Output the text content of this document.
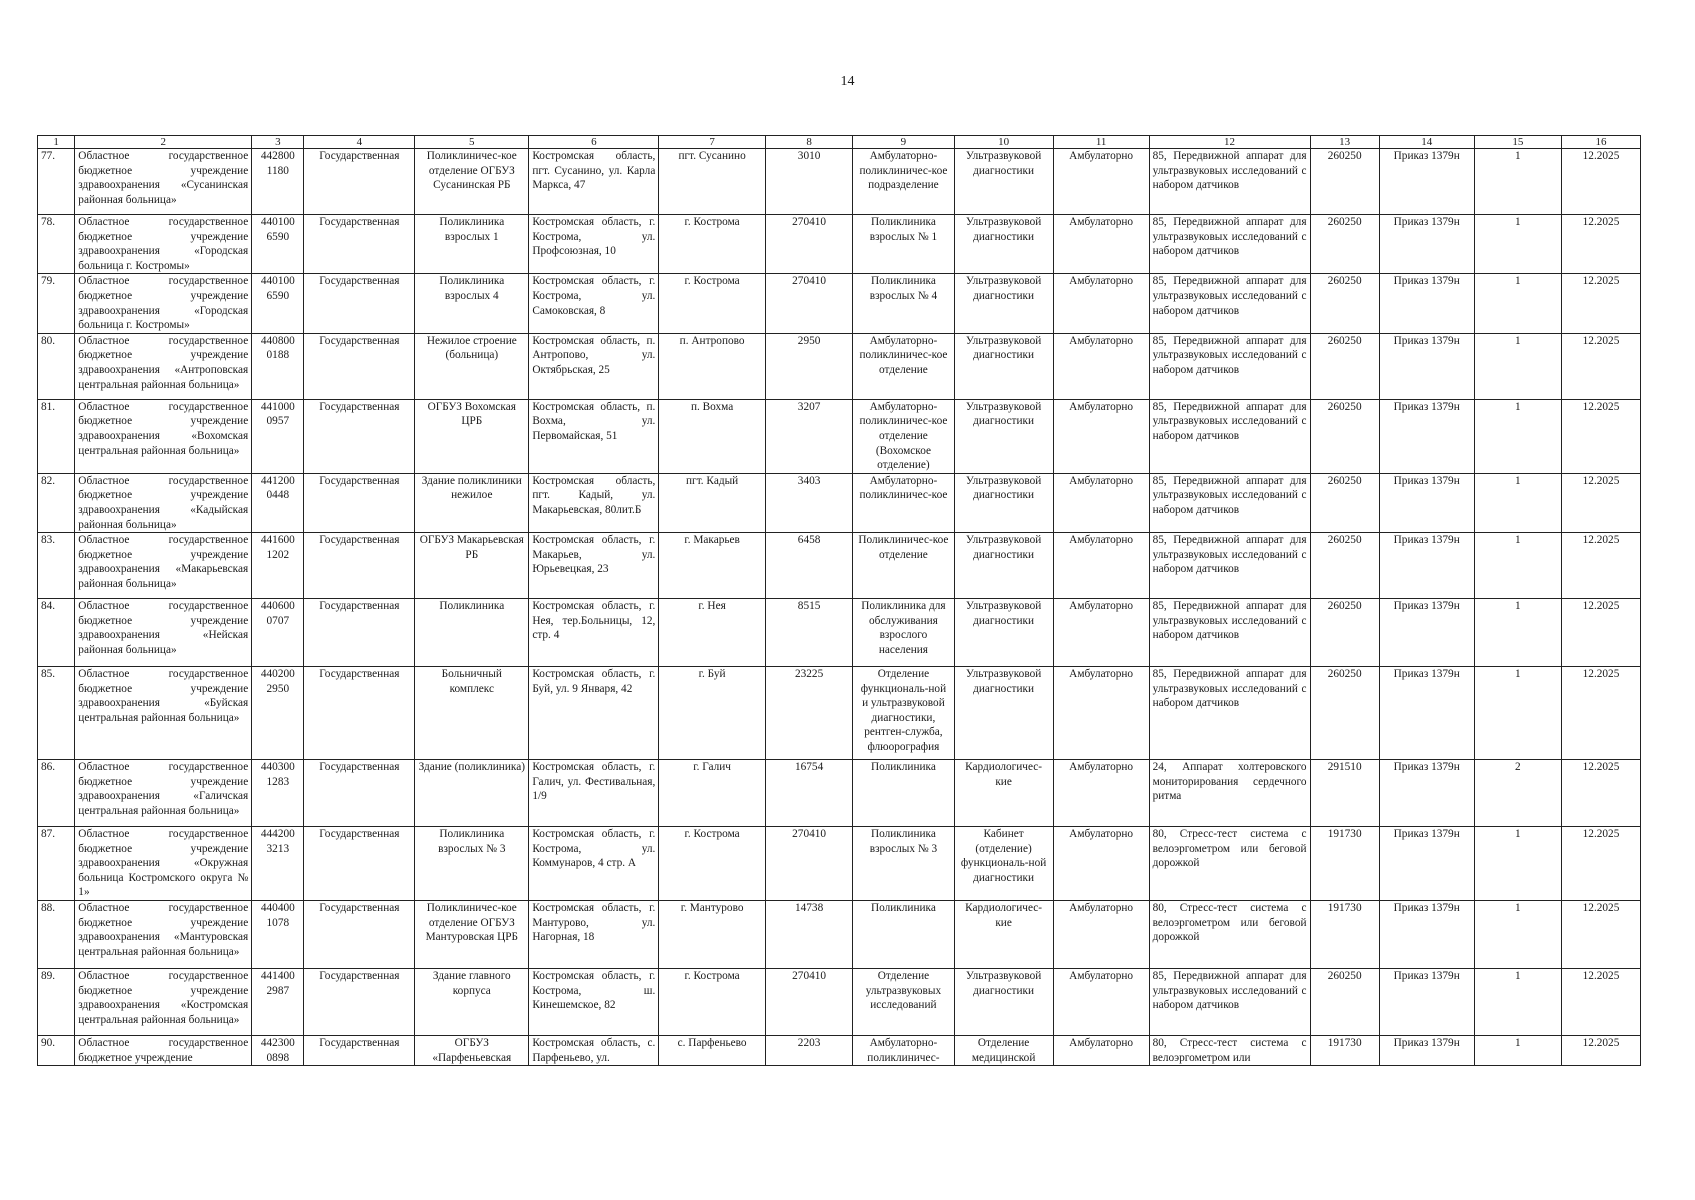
14
1	2	3	4	5	6	7	8	9	10	11	12	13	14	15	16
77.	Областное государственное бюджетное учреждение здравоохранения «Сусанинская районная больница»	442800 1180	Государственная	Поликлиничес-кое отделение ОГБУЗ Сусанинская РБ	Костромская область, пгт. Сусанино, ул. Карла Маркса, 47	пгт. Сусанино	3010	Амбулаторно-поликлиничес-кое подразделение	Ультразвуковой диагностики	Амбулаторно	85, Передвижной аппарат для ультразвуковых исследований с набором датчиков	260250	Приказ 1379н	1	12.2025
78.	Областное государственное бюджетное учреждение здравоохранения «Городская больница г. Костромы»	440100 6590	Государственная	Поликлиника взрослых 1	Костромская область, г. Кострома, ул. Профсоюзная, 10	г. Кострома	270410	Поликлиника взрослых № 1	Ультразвуковой диагностики	Амбулаторно	85, Передвижной аппарат для ультразвуковых исследований с набором датчиков	260250	Приказ 1379н	1	12.2025
79.	Областное государственное бюджетное учреждение здравоохранения «Городская больница г. Костромы»	440100 6590	Государственная	Поликлиника взрослых 4	Костромская область, г. Кострома, ул. Самоковская, 8	г. Кострома	270410	Поликлиника взрослых № 4	Ультразвуковой диагностики	Амбулаторно	85, Передвижной аппарат для ультразвуковых исследований с набором датчиков	260250	Приказ 1379н	1	12.2025
80.	Областное государственное бюджетное учреждение здравоохранения «Антроповская центральная районная больница»	440800 0188	Государственная	Нежилое строение (больница)	Костромская область, п. Антропово, ул. Октябрьская, 25	п. Антропово	2950	Амбулаторно-поликлиничес-кое отделение	Ультразвуковой диагностики	Амбулаторно	85, Передвижной аппарат для ультразвуковых исследований с набором датчиков	260250	Приказ 1379н	1	12.2025
81.	Областное государственное бюджетное учреждение здравоохранения «Вохомская центральная районная больница»	441000 0957	Государственная	ОГБУЗ Вохомская ЦРБ	Костромская область, п. Вохма, ул. Первомайская, 51	п. Вохма	3207	Амбулаторно-поликлиничес-кое отделение (Вохомское отделение)	Ультразвуковой диагностики	Амбулаторно	85, Передвижной аппарат для ультразвуковых исследований с набором датчиков	260250	Приказ 1379н	1	12.2025
82.	Областное государственное бюджетное учреждение здравоохранения «Кадыйская районная больница»	441200 0448	Государственная	Здание поликлиники нежилое	Костромская область, пгт. Кадый, ул. Макарьевская, 80лит.Б	пгт. Кадый	3403	Амбулаторно-поликлиничес-кое	Ультразвуковой диагностики	Амбулаторно	85, Передвижной аппарат для ультразвуковых исследований с набором датчиков	260250	Приказ 1379н	1	12.2025
83.	Областное государственное бюджетное учреждение здравоохранения «Макарьевская районная больница»	441600 1202	Государственная	ОГБУЗ Макарьевская РБ	Костромская область, г. Макарьев, ул. Юрьевецкая, 23	г. Макарьев	6458	Поликлиничес-кое отделение	Ультразвуковой диагностики	Амбулаторно	85, Передвижной аппарат для ультразвуковых исследований с набором датчиков	260250	Приказ 1379н	1	12.2025
84.	Областное государственное бюджетное учреждение здравоохранения «Нейская районная больница»	440600 0707	Государственная	Поликлиника	Костромская область, г. Нея, тер.Больницы, 12, стр. 4	г. Нея	8515	Поликлиника для обслуживания взрослого населения	Ультразвуковой диагностики	Амбулаторно	85, Передвижной аппарат для ультразвуковых исследований с набором датчиков	260250	Приказ 1379н	1	12.2025
85.	Областное государственное бюджетное учреждение здравоохранения «Буйская центральная районная больница»	440200 2950	Государственная	Больничный комплекс	Костромская область, г. Буй, ул. 9 Января, 42	г. Буй	23225	Отделение функциональ-ной и ультразвуковой диагностики, рентген-служба, флюорография	Ультразвуковой диагностики	Амбулаторно	85, Передвижной аппарат для ультразвуковых исследований с набором датчиков	260250	Приказ 1379н	1	12.2025
86.	Областное государственное бюджетное учреждение здравоохранения «Галичская центральная районная больница»	440300 1283	Государственная	Здание (поликлиника)	Костромская область, г. Галич, ул. Фестивальная, 1/9	г. Галич	16754	Поликлиника	Кардиологичес-кие	Амбулаторно	24, Аппарат холтеровского мониторирования сердечного ритма	291510	Приказ 1379н	2	12.2025
87.	Областное государственное бюджетное учреждение здравоохранения «Окружная больница Костромского округа № 1»	444200 3213	Государственная	Поликлиника взрослых № 3	Костромская область, г. Кострома, ул. Коммунаров, 4 стр. А	г. Кострома	270410	Поликлиника взрослых № 3	Кабинет (отделение) функциональ-ной диагностики	Амбулаторно	80, Стресс-тест система с велоэргометром или беговой дорожкой	191730	Приказ 1379н	1	12.2025
88.	Областное государственное бюджетное учреждение здравоохранения «Мантуровская центральная районная больница»	440400 1078	Государственная	Поликлиничес-кое отделение ОГБУЗ Мантуровская ЦРБ	Костромская область, г. Мантурово, ул. Нагорная, 18	г. Мантурово	14738	Поликлиника	Кардиологичес-кие	Амбулаторно	80, Стресс-тест система с велоэргометром или беговой дорожкой	191730	Приказ 1379н	1	12.2025
89.	Областное государственное бюджетное учреждение здравоохранения «Костромская центральная районная больница»	441400 2987	Государственная	Здание главного корпуса	Костромская область, г. Кострома, ш. Кинешемское, 82	г. Кострома	270410	Отделение ультразвуковых исследований	Ультразвуковой диагностики	Амбулаторно	85, Передвижной аппарат для ультразвуковых исследований с набором датчиков	260250	Приказ 1379н	1	12.2025
90.	Областное государственное бюджетное учреждение	442300 0898	Государственная	ОГБУЗ «Парфеньевская	Костромская область, с. Парфеньево, ул.	с. Парфеньево	2203	Амбулаторно-поликлиничес-	Отделение медицинской	Амбулаторно	80, Стресс-тест система с велоэргометром или	191730	Приказ 1379н	1	12.2025
